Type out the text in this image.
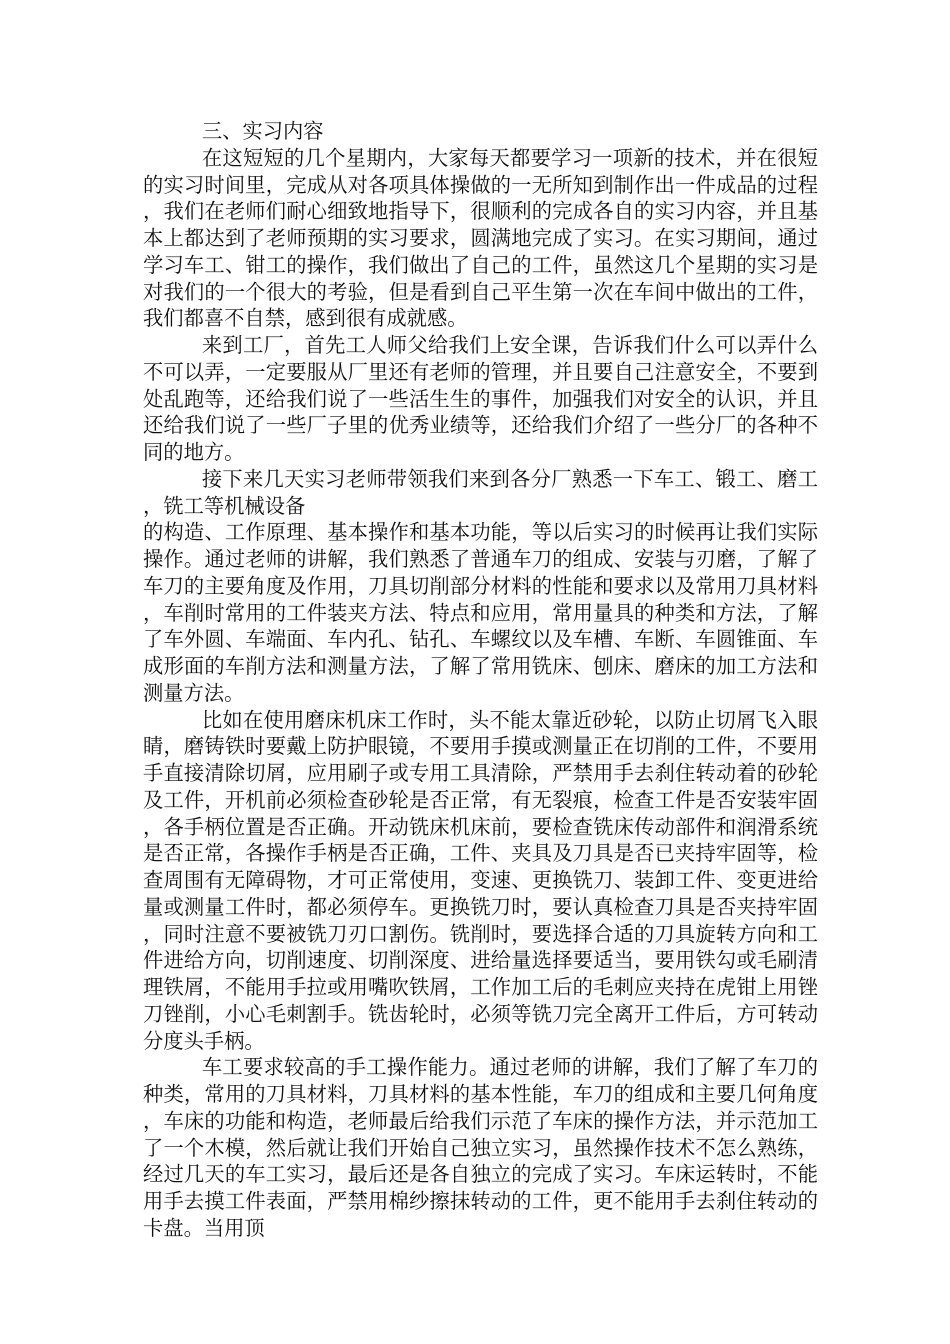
三、实习内容

在这短短的几个星期内，大家每天都要学习一项新的技术，并在很短的实习时间里，完成从对各项具体操做的一无所知到制作出一件成品的过程，我们在老师们耐心细致地指导下，很顺利的完成各自的实习内容，并且基本上都达到了老师预期的实习要求，圆满地完成了实习。在实习期间，通过学习车工、钳工的操作，我们做出了自己的工件，虽然这几个星期的实习是对我们的一个很大的考验，但是看到自己平生第一次在车间中做出的工件，我们都喜不自禁，感到很有成就感。

来到工厂，首先工人师父给我们上安全课，告诉我们什么可以弄什么不可以弄，一定要服从厂里还有老师的管理，并且要自己注意安全，不要到处乱跑等，还给我们说了一些活生生的事件，加强我们对安全的认识，并且还给我们说了一些厂子里的优秀业绩等，还给我们介绍了一些分厂的各种不同的地方。

接下来几天实习老师带领我们来到各分厂熟悉一下车工、锻工、磨工，铣工等机械设备

的构造、工作原理、基本操作和基本功能，等以后实习的时候再让我们实际操作。通过老师的讲解，我们熟悉了普通车刀的组成、安装与刃磨，了解了车刀的主要角度及作用，刀具切削部分材料的性能和要求以及常用刀具材料，车削时常用的工件装夹方法、特点和应用，常用量具的种类和方法，了解了车外圆、车端面、车内孔、钻孔、车螺纹以及车槽、车断、车圆锥面、车成形面的车削方法和测量方法，了解了常用铣床、刨床、磨床的加工方法和测量方法。

比如在使用磨床机床工作时，头不能太靠近砂轮，以防止切屑飞入眼睛，磨铸铁时要戴上防护眼镜，不要用手摸或测量正在切削的工件，不要用手直接清除切屑，应用刷子或专用工具清除，严禁用手去刹住转动着的砂轮及工件，开机前必须检查砂轮是否正常，有无裂痕，检查工件是否安装牢固，各手柄位置是否正确。开动铣床机床前，要检查铣床传动部件和润滑系统是否正常，各操作手柄是否正确，工件、夹具及刀具是否已夹持牢固等，检查周围有无障碍物，才可正常使用，变速、更换铣刀、装卸工件、变更进给量或测量工件时，都必须停车。更换铣刀时，要认真检查刀具是否夹持牢固，同时注意不要被铣刀刃口割伤。铣削时，要选择合适的刀具旋转方向和工件进给方向，切削速度、切削深度、进给量选择要适当，要用铁勾或毛刷清理铁屑，不能用手拉或用嘴吹铁屑，工作加工后的毛刺应夹持在虎钳上用锉刀锉削，小心毛刺割手。铣齿轮时，必须等铣刀完全离开工件后，方可转动分度头手柄。

车工要求较高的手工操作能力。通过老师的讲解，我们了解了车刀的种类，常用的刀具材料，刀具材料的基本性能，车刀的组成和主要几何角度，车床的功能和构造，老师最后给我们示范了车床的操作方法，并示范加工了一个木模，然后就让我们开始自己独立实习，虽然操作技术不怎么熟练，经过几天的车工实习，最后还是各自独立的完成了实习。车床运转时，不能用手去摸工件表面，严禁用棉纱擦抹转动的工件，更不能用手去刹住转动的卡盘。当用顶
